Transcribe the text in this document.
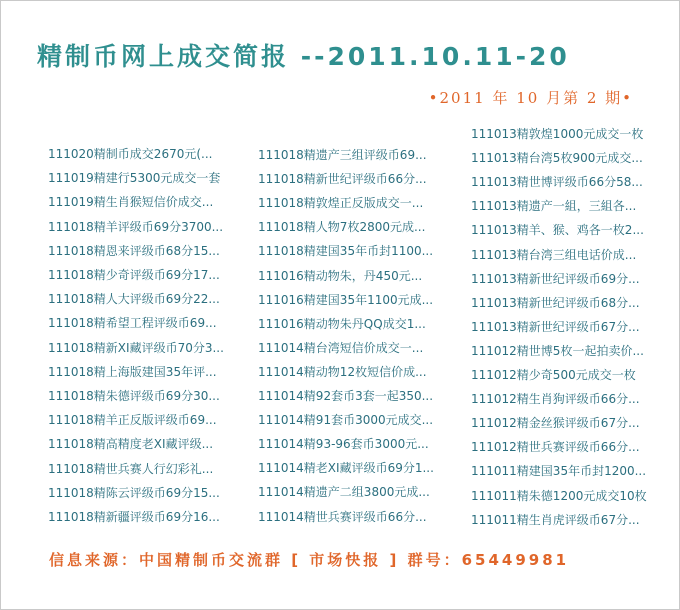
精制币网上成交简报 --2011.10.11-20
•2011 年 10 月第 2 期•
111020精制币成交2670元(...
111019精建行5300元成交一套
111019精生肖猴短信价成交...
111018精羊评级币69分3700...
111018精恩来评级币68分15...
111018精少奇评级币69分17...
111018精人大评级币69分22...
111018精希望工程评级币69...
111018精新XI藏评级币70分3...
111018精上海版建国35年评...
111018精朱德评级币69分30...
111018精羊正反版评级币69...
111018精高精度老XI藏评级...
111018精世兵赛人行幻彩礼...
111018精陈云评级币69分15...
111018精新疆评级币69分16...
111018精遗产三组评级币69...
111018精新世纪评级币66分...
111018精敦煌正反版成交一...
111018精人物7枚2800元成...
111018精建国35年币封1100...
111016精动物朱，丹450元...
111016精建国35年1100元成...
111016精动物朱丹QQ成交1...
111014精台湾短信价成交一...
111014精动物12枚短信价成...
111014精92套币3套一起350...
111014精91套币3000元成交...
111014精93-96套币3000元...
111014精老XI藏评级币69分1...
111014精遗产二组3800元成...
111014精世兵赛评级币66分...
111013精敦煌1000元成交一枚
111013精台湾5枚900元成交...
111013精世博评级币66分58...
111013精遗产一組，三組各...
111013精羊、猴、鸡各一枚2...
111013精台湾三组电话价成...
111013精新世纪评级币69分...
111013精新世纪评级币68分...
111013精新世纪评级币67分...
111012精世博5枚一起拍卖价...
111012精少奇500元成交一枚
111012精生肖狗评级币66分...
111012精金丝猴评级币67分...
111012精世兵赛评级币66分...
111011精建国35年币封1200...
111011精朱德1200元成交10枚
111011精生肖虎评级币67分...
信息来源：中国精制币交流群 [ 市场快报 ] 群号：65449981
